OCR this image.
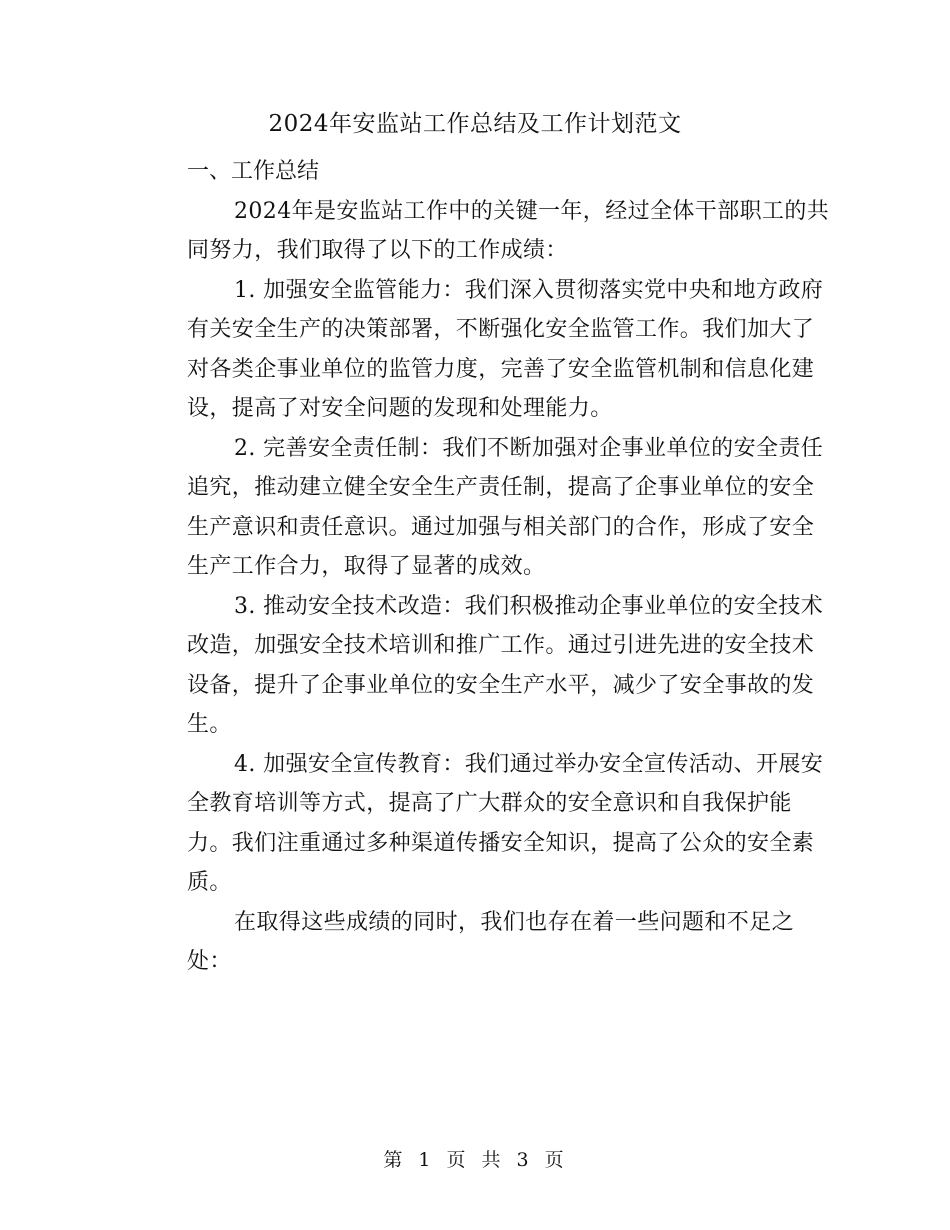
2024年安监站工作总结及工作计划范文
一、工作总结
2024年是安监站工作中的关键一年，经过全体干部职工的共
同努力，我们取得了以下的工作成绩：
1. 加强安全监管能力：我们深入贯彻落实党中央和地方政府
有关安全生产的决策部署，不断强化安全监管工作。我们加大了
对各类企事业单位的监管力度，完善了安全监管机制和信息化建
设，提高了对安全问题的发现和处理能力。
2. 完善安全责任制：我们不断加强对企事业单位的安全责任
追究，推动建立健全安全生产责任制，提高了企事业单位的安全
生产意识和责任意识。通过加强与相关部门的合作，形成了安全
生产工作合力，取得了显著的成效。
3. 推动安全技术改造：我们积极推动企事业单位的安全技术
改造，加强安全技术培训和推广工作。通过引进先进的安全技术
设备，提升了企事业单位的安全生产水平，减少了安全事故的发
生。
4. 加强安全宣传教育：我们通过举办安全宣传活动、开展安
全教育培训等方式，提高了广大群众的安全意识和自我保护能
力。我们注重通过多种渠道传播安全知识，提高了公众的安全素
质。
在取得这些成绩的同时，我们也存在着一些问题和不足之
处：
第 1 页 共 3 页
